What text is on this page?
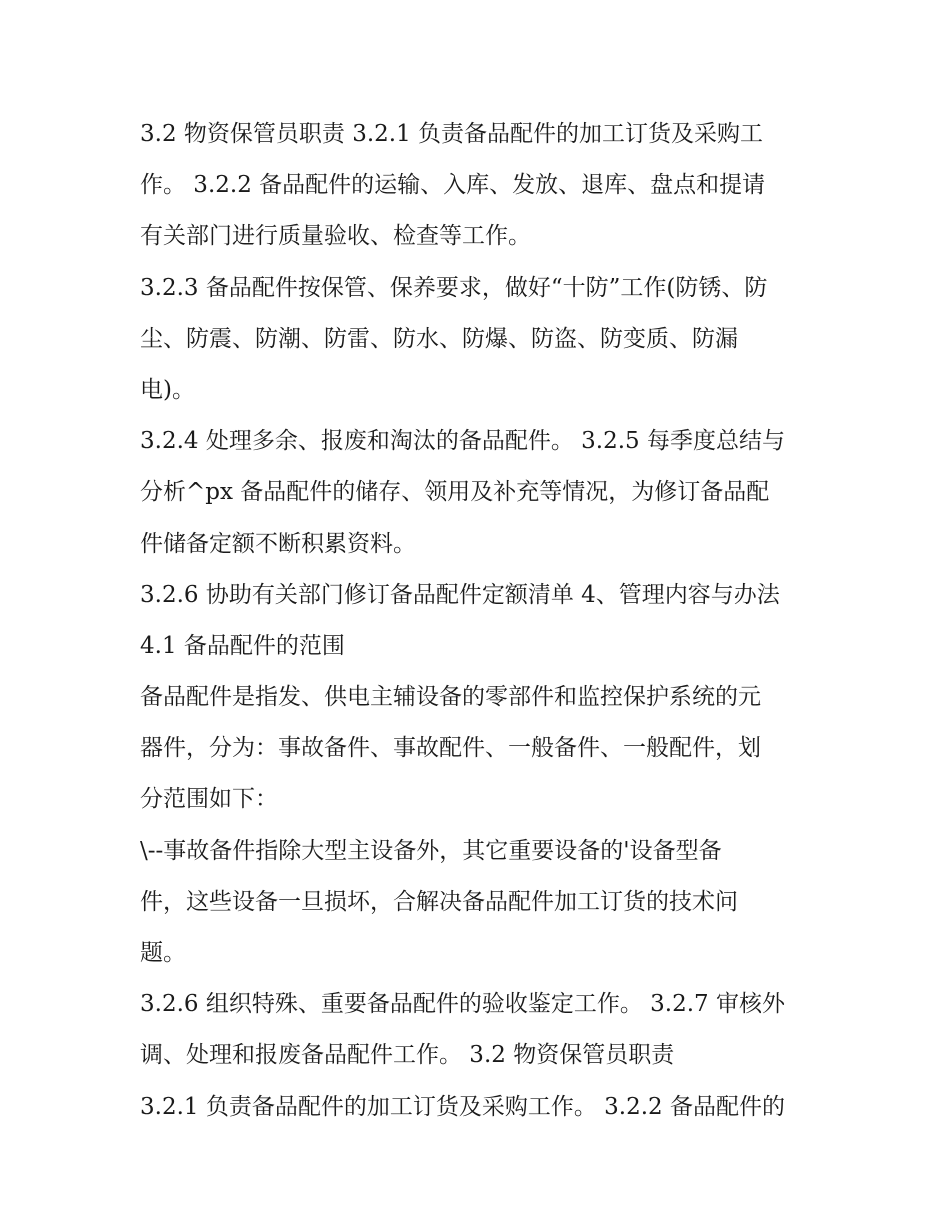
3.2 物资保管员职责 3.2.1 负责备品配件的加工订货及采购工
作。 3.2.2 备品配件的运输、入库、发放、退库、盘点和提请
有关部门进行质量验收、检查等工作。
3.2.3 备品配件按保管、保养要求，做好“十防”工作(防锈、防
尘、防震、防潮、防雷、防水、防爆、防盗、防变质、防漏
电)。
3.2.4 处理多余、报废和淘汰的备品配件。 3.2.5 每季度总结与
分析^px 备品配件的储存、领用及补充等情况，为修订备品配
件储备定额不断积累资料。
3.2.6 协助有关部门修订备品配件定额清单 4、管理内容与办法
4.1 备品配件的范围
备品配件是指发、供电主辅设备的零部件和监控保护系统的元
器件，分为：事故备件、事故配件、一般备件、一般配件，划
分范围如下：
\--事故备件指除大型主设备外，其它重要设备的'设备型备
件，这些设备一旦损坏，合解决备品配件加工订货的技术问
题。
3.2.6 组织特殊、重要备品配件的验收鉴定工作。 3.2.7 审核外
调、处理和报废备品配件工作。 3.2 物资保管员职责
3.2.1 负责备品配件的加工订货及采购工作。 3.2.2 备品配件的
